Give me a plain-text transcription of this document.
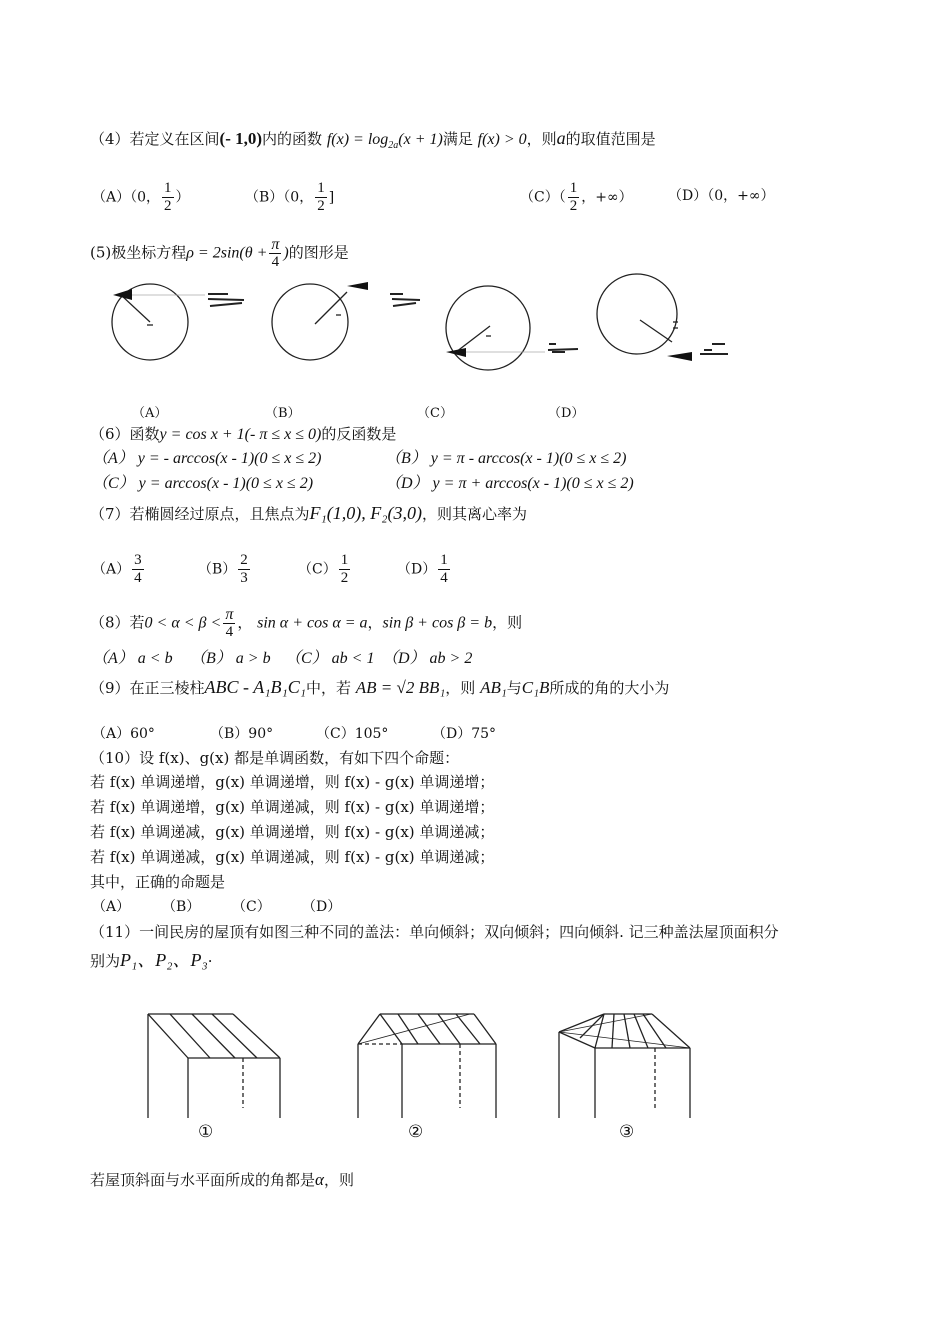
（4）若定义在区间(- 1,0)内的函数 $f(x) = \log_{2a}(x + 1)$满足 f(x) > 0，则a的取值范围是
（A）（0， $\frac{1}{2}$ ）	（B）（0， $\frac{1}{2}$ ]	$(C)( \frac{1}{2}$ ，+∞）	（D）（0，+∞）
(5)极坐标方程$\rho = 2\sin(\theta + \frac{\pi}{4}$ )的图形是
（A）	（B）	（C）	（D）
（6）函数y = cos x + 1(- π ≤ x ≤ 0)的反函数是
（A） y = - arccos(x - 1)(0 ≤ x ≤ 2)	（B） y = π - arccos(x - 1)(0 ≤ x ≤ 2)
（C） y = arccos(x - 1)(0 ≤ x ≤ 2)	（D） y = π + arccos(x - 1)(0 ≤ x ≤ 2)
（7）若椭圆经过原点，且焦点为F₁(1,0), F₂(3,0)，则其离心率为
$(A) \frac{3}{4}$	$(B) \frac{2}{3}$	$(C) \frac{1}{2}$	$(D) \frac{1}{4}$
（8）若$0 < \alpha < \beta < \frac{\pi}{4}$ ， sin α + cos α = a，sin β + cos β = b，则
（A） a < b （B） a > b （C） ab < 1 （D） ab > 2
（9）在正三棱柱ABC - A₁B₁C₁中，若 AB = √2 BB₁，则 AB₁与C₁B所成的角的大小为
（A）60°	（B）90°	（C）105°	（D）75°
（10）设 f(x)、g(x) 都是单调函数，有如下四个命题：
若 f(x) 单调递增，g(x) 单调递增，则 f(x) - g(x) 单调递增；
若 f(x) 单调递增，g(x) 单调递减，则 f(x) - g(x) 单调递增；
若 f(x) 单调递减，g(x) 单调递增，则 f(x) - g(x) 单调递减；
若 f(x) 单调递减，g(x) 单调递减，则 f(x) - g(x) 单调递减；
其中，正确的命题是
（A） （B） （C） （D）
（11）一间民房的屋顶有如图三种不同的盖法：单向倾斜；双向倾斜；四向倾斜. 记三种盖法屋顶面积分
别为P₁、P₂、P₃·
①	②	③
若屋顶斜面与水平面所成的角都是α，则
